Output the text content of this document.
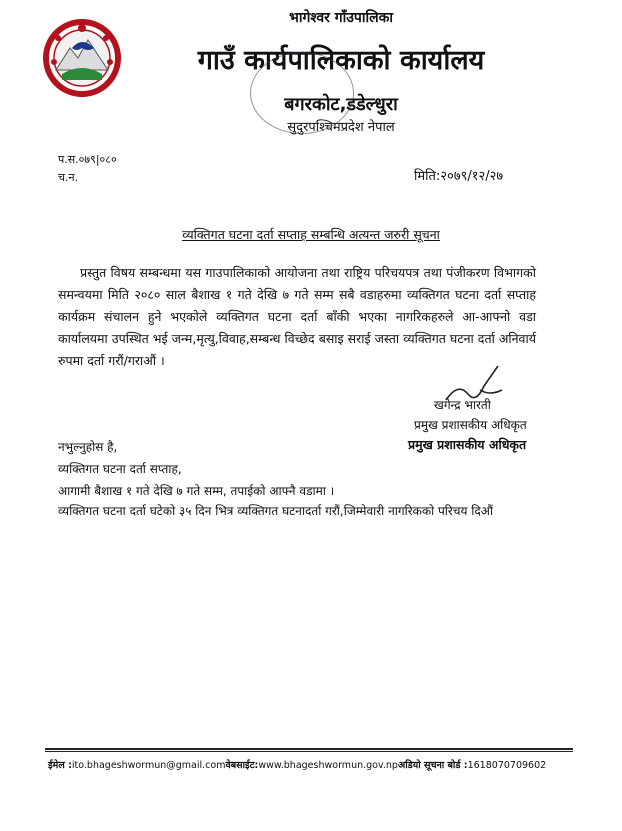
भागेश्वर गाँउपालिका
गाउँ कार्यपालिकाको कार्यालय
बगरकोट,डडेल्धुरा
सुदुरपश्चिमप्रदेश नेपाल
प.स.०७९|०८०
च.न.	मिति:२०७९/१२/२७
व्यक्तिगत घटना दर्ता सप्ताह सम्बन्धि अत्यन्त जरुरी सूचना
प्रस्तुत विषय सम्बन्धमा यस गाउपालिकाको आयोजना तथा राष्ट्रिय परिचयपत्र तथा पंजीकरण विभागको समन्वयमा मिति २०८० साल बैशाख १ गते देखि ७ गते सम्म सबै वडाहरुमा व्यक्तिगत घटना दर्ता सप्ताह कार्यक्रम संचालन हुने भएकोले व्यक्तिगत घटना दर्ता बाँकी भएका नागरिकहरुले आ-आफ्नो वडा कार्यालयमा उपस्थित भई जन्म,मृत्यु,विवाह,सम्बन्ध विच्छेद बसाइ सराई जस्ता व्यक्तिगत घटना दर्ता अनिवार्य रुपमा दर्ता गरौं/गराऔं ।
खगेन्द्र भारती
प्रमुख प्रशासकीय अधिकृत
प्रमुख प्रशासकीय अधिकृत
नभुल्नुहोस है,
व्यक्तिगत घटना दर्ता सप्ताह,
आगामी बैशाख १ गते देखि ७ गते सम्म, तपाईको आफ्नै वडामा ।
व्यक्तिगत घटना दर्ता घटेको ३५ दिन भित्र व्यक्तिगत घटनादर्ता गरौं,जिम्मेवारी नागरिकको परिचय दिऔं
ईमेल :ito.bhageshwormun@gmail.comवेबसाईट:www.bhageshwormun.gov.npअडियो सूचना बोर्ड :1618070709602
